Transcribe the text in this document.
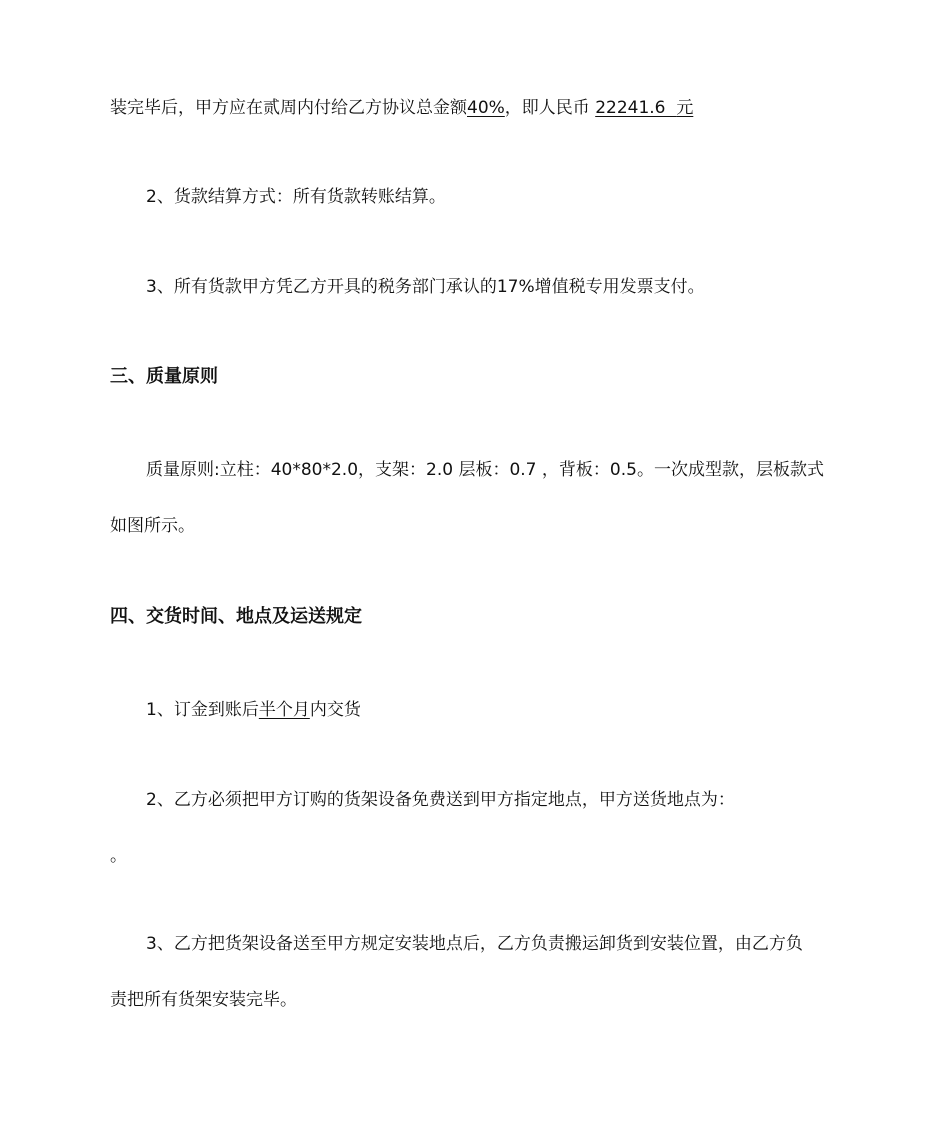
装完毕后，甲方应在贰周内付给乙方协议总金额40%，即人民币 22241.6  元
2、货款结算方式：所有货款转账结算。
3、所有货款甲方凭乙方开具的税务部门承认的17%增值税专用发票支付。
三、质量原则
质量原则:立柱：40*80*2.0，支架：2.0 层板：0.7 ，背板：0.5。一次成型款，层板款式
如图所示。
四、交货时间、地点及运送规定
1、订金到账后半个月内交货
2、乙方必须把甲方订购的货架设备免费送到甲方指定地点，甲方送货地点为：
。
3、乙方把货架设备送至甲方规定安装地点后，乙方负责搬运卸货到安装位置，由乙方负
责把所有货架安装完毕。
